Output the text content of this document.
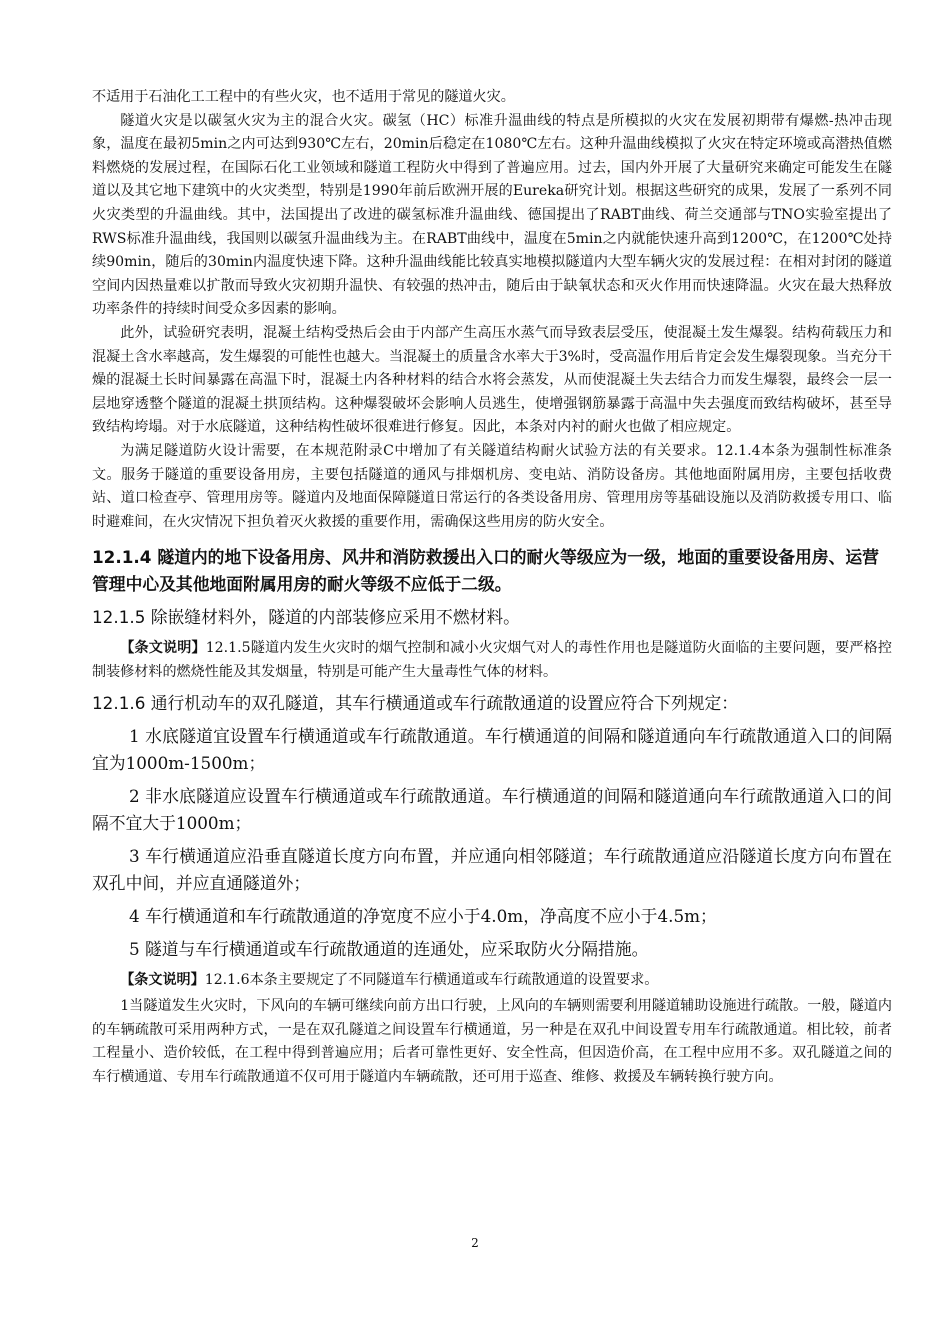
不适用于石油化工工程中的有些火灾，也不适用于常见的隧道火灾。

隧道火灾是以碳氢火灾为主的混合火灾。碳氢（HC）标准升温曲线的特点是所模拟的火灾在发展初期带有爆燃-热冲击现象，温度在最初5min之内可达到930℃左右，20min后稳定在1080℃左右。这种升温曲线模拟了火灾在特定环境或高潜热值燃料燃烧的发展过程，在国际石化工业领域和隧道工程防火中得到了普遍应用。过去，国内外开展了大量研究来确定可能发生在隧道以及其它地下建筑中的火灾类型，特别是1990年前后欧洲开展的Eureka研究计划。根据这些研究的成果，发展了一系列不同火灾类型的升温曲线。其中，法国提出了改进的碳氢标准升温曲线、德国提出了RABT曲线、荷兰交通部与TNO实验室提出了RWS标准升温曲线，我国则以碳氢升温曲线为主。在RABT曲线中，温度在5min之内就能快速升高到1200℃，在1200℃处持续90min，随后的30min内温度快速下降。这种升温曲线能比较真实地模拟隧道内大型车辆火灾的发展过程：在相对封闭的隧道空间内因热量难以扩散而导致火灾初期升温快、有较强的热冲击，随后由于缺氧状态和灭火作用而快速降温。火灾在最大热释放功率条件的持续时间受众多因素的影响。

此外，试验研究表明，混凝土结构受热后会由于内部产生高压水蒸气而导致表层受压，使混凝土发生爆裂。结构荷载压力和混凝土含水率越高，发生爆裂的可能性也越大。当混凝土的质量含水率大于3%时，受高温作用后肯定会发生爆裂现象。当充分干燥的混凝土长时间暴露在高温下时，混凝土内各种材料的结合水将会蒸发，从而使混凝土失去结合力而发生爆裂，最终会一层一层地穿透整个隧道的混凝土拱顶结构。这种爆裂破坏会影响人员逃生，使增强钢筋暴露于高温中失去强度而致结构破坏，甚至导致结构垮塌。对于水底隧道，这种结构性破坏很难进行修复。因此，本条对内衬的耐火也做了相应规定。

为满足隧道防火设计需要，在本规范附录C中增加了有关隧道结构耐火试验方法的有关要求。12.1.4本条为强制性标准条文。服务于隧道的重要设备用房，主要包括隧道的通风与排烟机房、变电站、消防设备房。其他地面附属用房，主要包括收费站、道口检查亭、管理用房等。隧道内及地面保障隧道日常运行的各类设备用房、管理用房等基础设施以及消防救援专用口、临时避难间，在火灾情况下担负着灭火救援的重要作用，需确保这些用房的防火安全。

12.1.4 隧道内的地下设备用房、风井和消防救援出入口的耐火等级应为一级，地面的重要设备用房、运营管理中心及其他地面附属用房的耐火等级不应低于二级。

12.1.5 除嵌缝材料外，隧道的内部装修应采用不燃材料。

【条文说明】12.1.5隧道内发生火灾时的烟气控制和减小火灾烟气对人的毒性作用也是隧道防火面临的主要问题，要严格控制装修材料的燃烧性能及其发烟量，特别是可能产生大量毒性气体的材料。

12.1.6 通行机动车的双孔隧道，其车行横通道或车行疏散通道的设置应符合下列规定：

1 水底隧道宜设置车行横通道或车行疏散通道。车行横通道的间隔和隧道通向车行疏散通道入口的间隔宜为1000m-1500m；

2 非水底隧道应设置车行横通道或车行疏散通道。车行横通道的间隔和隧道通向车行疏散通道入口的间隔不宜大于1000m；

3 车行横通道应沿垂直隧道长度方向布置，并应通向相邻隧道；车行疏散通道应沿隧道长度方向布置在双孔中间，并应直通隧道外；

4 车行横通道和车行疏散通道的净宽度不应小于4.0m，净高度不应小于4.5m；

5 隧道与车行横通道或车行疏散通道的连通处，应采取防火分隔措施。

【条文说明】12.1.6本条主要规定了不同隧道车行横通道或车行疏散通道的设置要求。

1当隧道发生火灾时，下风向的车辆可继续向前方出口行驶，上风向的车辆则需要利用隧道辅助设施进行疏散。一般，隧道内的车辆疏散可采用两种方式，一是在双孔隧道之间设置车行横通道，另一种是在双孔中间设置专用车行疏散通道。相比较，前者工程量小、造价较低，在工程中得到普遍应用；后者可靠性更好、安全性高，但因造价高，在工程中应用不多。双孔隧道之间的车行横通道、专用车行疏散通道不仅可用于隧道内车辆疏散，还可用于巡查、维修、救援及车辆转换行驶方向。

2
